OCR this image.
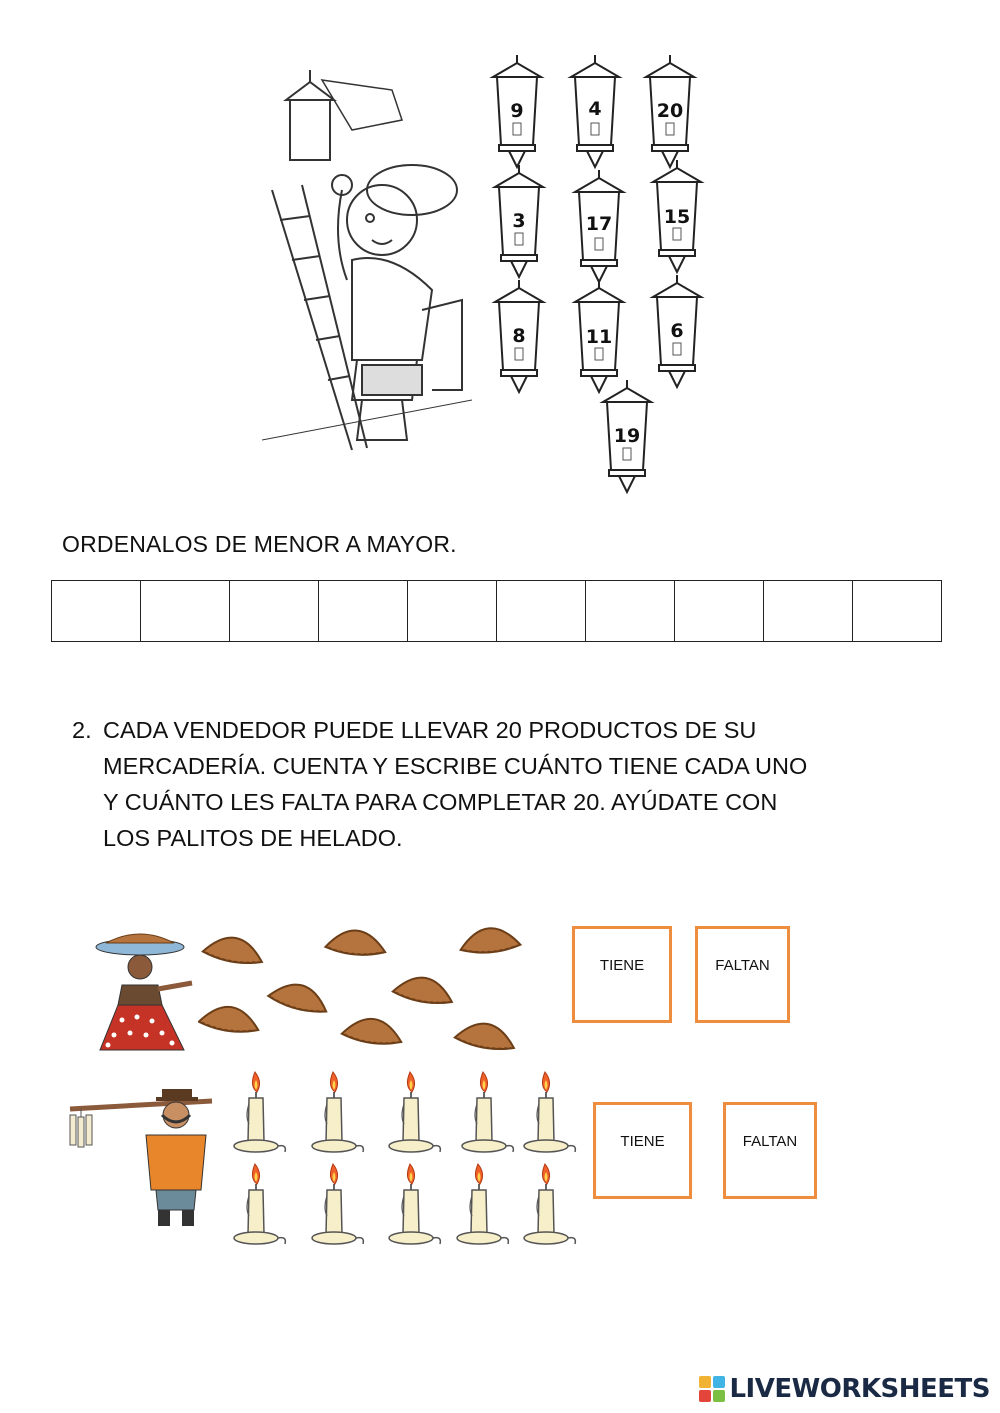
9	4	20
3	17	15
8	11	6
19
ORDENALOS DE MENOR A MAYOR.
2. CADA VENDEDOR PUEDE LLEVAR 20 PRODUCTOS DE SU
MERCADERÍA. CUENTA Y ESCRIBE CUÁNTO TIENE CADA UNO
Y CUÁNTO LES FALTA PARA COMPLETAR 20. AYÚDATE CON
LOS PALITOS DE HELADO.
TIENE	FALTAN
TIENE	FALTAN
LIVEWORKSHEETS
